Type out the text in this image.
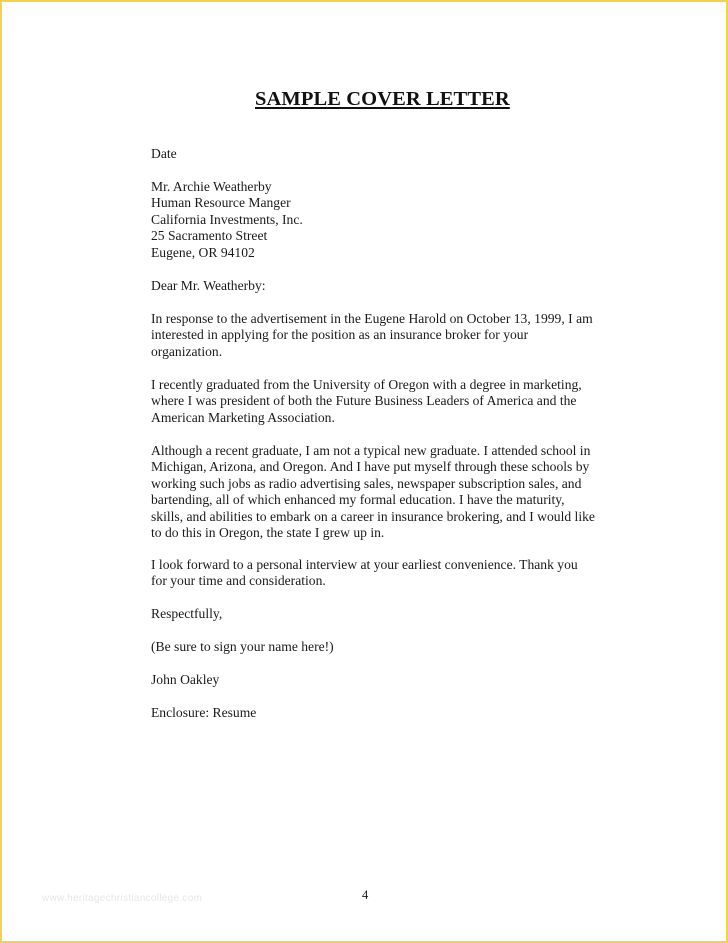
SAMPLE COVER LETTER
Date
Mr. Archie Weatherby
Human Resource Manger
California Investments, Inc.
25 Sacramento Street
Eugene, OR 94102
Dear Mr. Weatherby:
In response to the advertisement in the Eugene Harold on October 13, 1999, I am
interested in applying for the position as an insurance broker for your
organization.
I recently graduated from the University of Oregon with a degree in marketing,
where I was president of both the Future Business Leaders of America and the
American Marketing Association.
Although a recent graduate, I am not a typical new graduate. I attended school in
Michigan, Arizona, and Oregon. And I have put myself through these schools by
working such jobs as radio advertising sales, newspaper subscription sales, and
bartending, all of which enhanced my formal education. I have the maturity,
skills, and abilities to embark on a career in insurance brokering, and I would like
to do this in Oregon, the state I grew up in.
I look forward to a personal interview at your earliest convenience. Thank you
for your time and consideration.
Respectfully,
(Be sure to sign your name here!)
John Oakley
Enclosure: Resume
www.heritagechristiancollege.com	4
